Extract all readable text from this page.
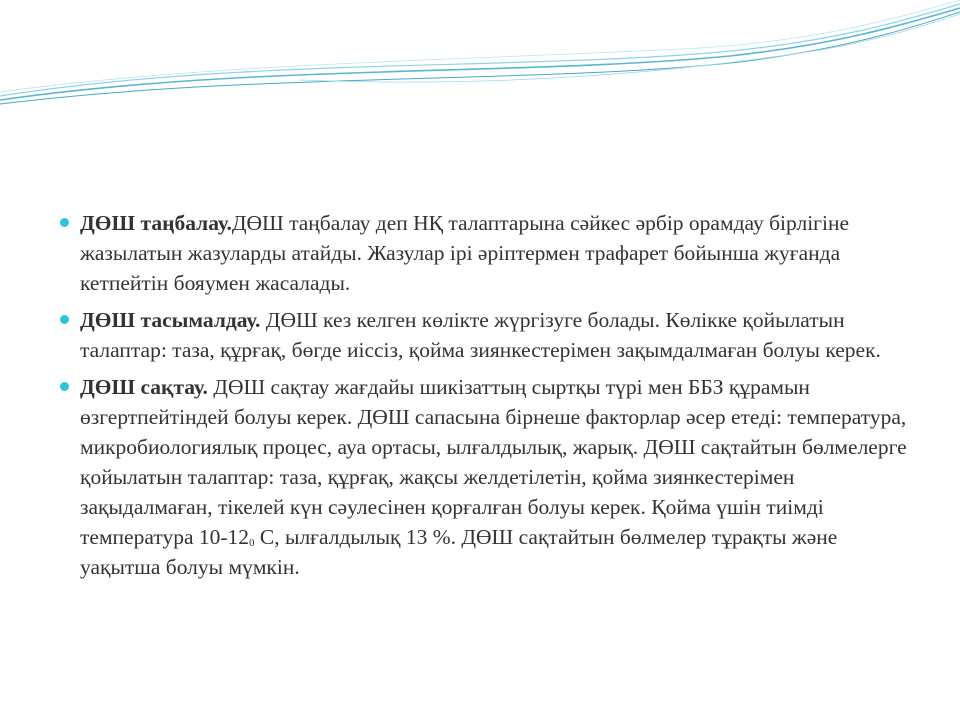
ДӨШ таңбалау.ДӨШ таңбалау деп НҚ талаптарына сәйкес әрбір орамдау бірлігіне жазылатын жазуларды атайды. Жазулар ірі әріптермен трафарет бойынша жуғанда кетпейтін бояумен жасалады.
ДӨШ тасымалдау. ДӨШ кез келген көлікте жүргізуге болады. Көлікке қойылатын талаптар: таза, құрғақ, бөгде иіссіз, қойма зиянкестерімен зақымдалмаған болуы керек.
ДӨШ сақтау. ДӨШ сақтау жағдайы шикізаттың сыртқы түрі мен ББЗ құрамын өзгертпейтіндей болуы керек. ДӨШ сапасына бірнеше факторлар әсер етеді: температура, микробиологиялық процес, ауа ортасы, ылғалдылық, жарық. ДӨШ сақтайтын бөлмелерге қойылатын талаптар: таза, құрғақ, жақсы желдетілетін, қойма зиянкестерімен зақыдалмаған, тікелей күн сәулесінен қорғалған болуы керек. Қойма үшін тиімді температура $10-12_0$ С, ылғалдылық 13 %. ДӨШ сақтайтын бөлмелер тұрақты және уақытша болуы мүмкін.
